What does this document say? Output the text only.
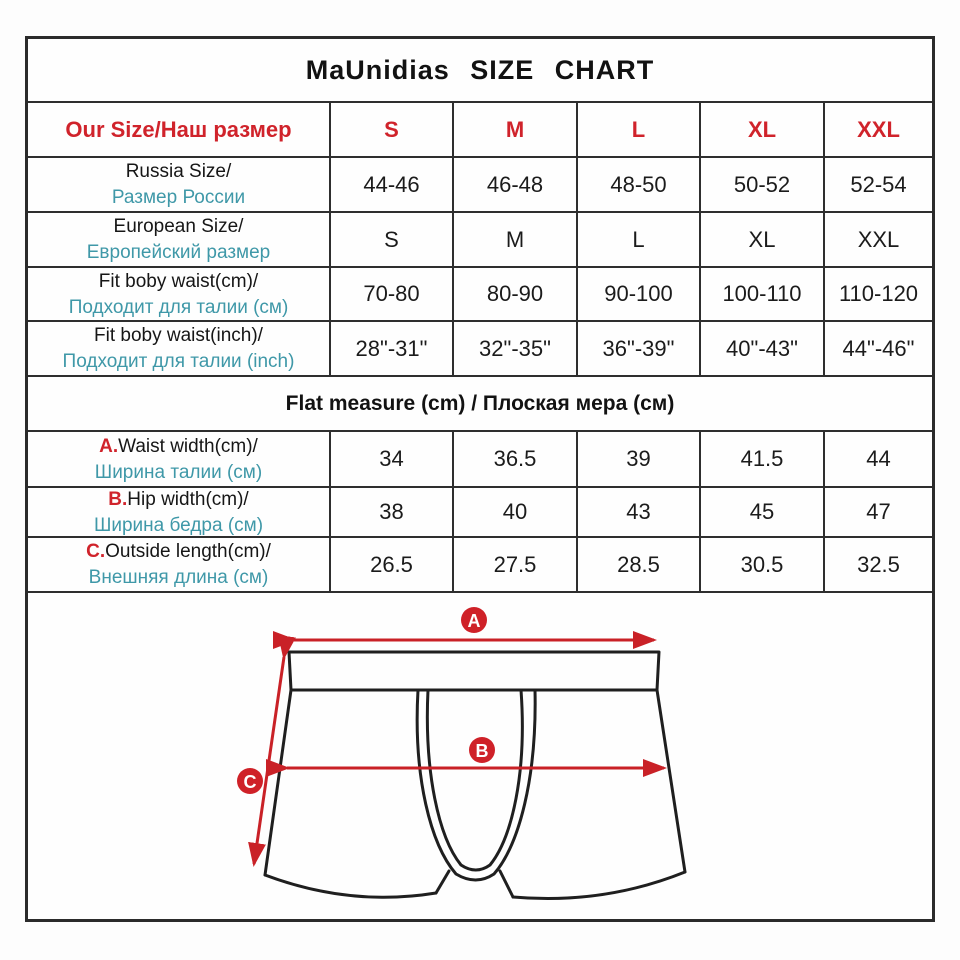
MaUnidias SIZE CHART
Our Size/Наш размер	S	M	L	XL	XXL
Russia Size/
Размер России
44-46	46-48	48-50	50-52	52-54
European Size/
Европейский размер
S	M	L	XL	XXL
Fit boby waist(cm)/
Подходит для талии (см)
70-80	80-90	90-100	100-110	110-120
Fit boby waist(inch)/
Подходит для талии (inch)
28"-31"	32"-35"	36"-39"	40"-43"	44"-46"
Flat measure (cm) / Плоская мера (см)
A.Waist width(cm)/
Ширина талии (см)
34	36.5	39	41.5	44
B.Hip width(cm)/
Ширина бедра (см)
38	40	43	45	47
C.Outside length(cm)/
Внешняя длина (см)
26.5	27.5	28.5	30.5	32.5
A
B
C
